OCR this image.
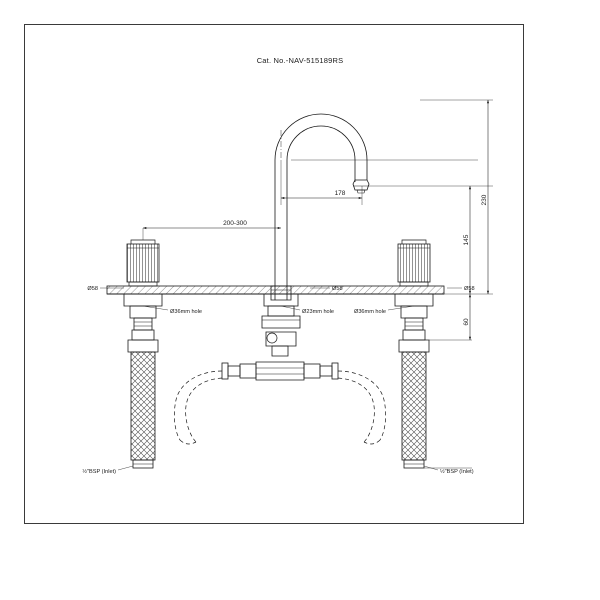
Cat. No.-NAV-515189RS
178
200-300
230
145
60
Ø58	Ø58	Ø58
Ø36mm hole	Ø23mm hole	Ø36mm hole
½"BSP (Inlet)	½"BSP (Inlet)
